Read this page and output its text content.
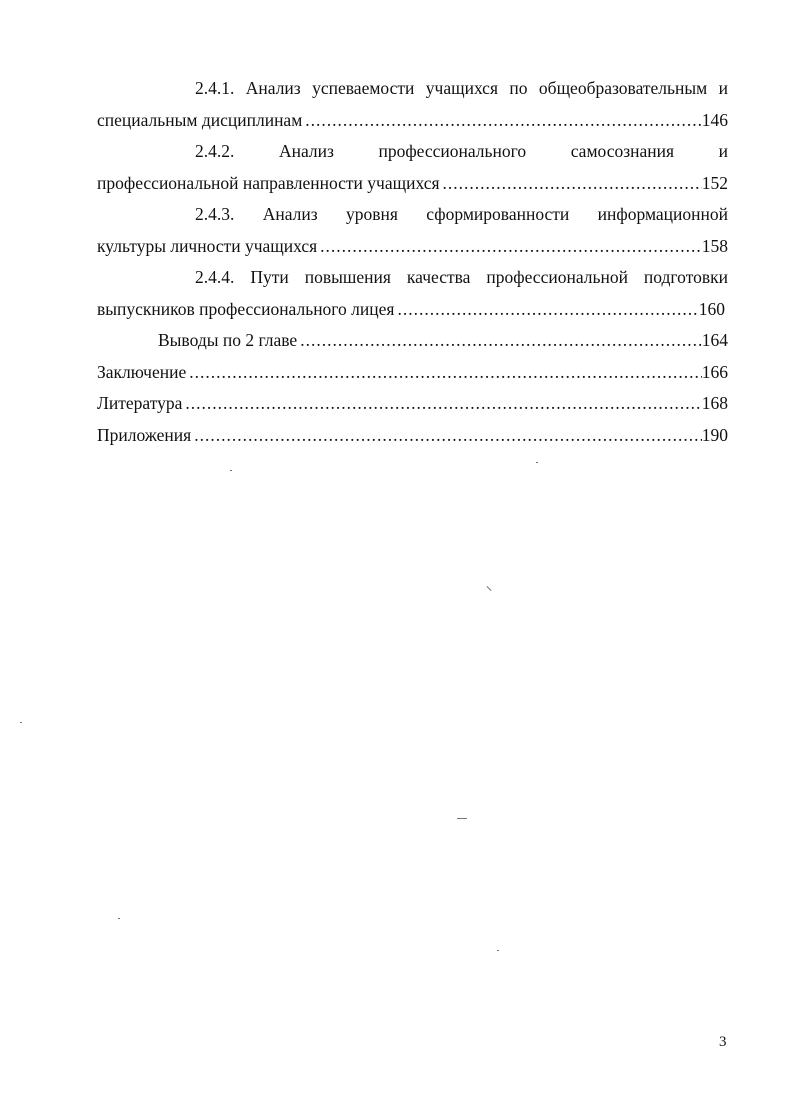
2.4.1. Анализ успеваемости учащихся по общеобразовательным и
специальным дисциплинам .....	146
2.4.2. Анализ профессионального самосознания и
профессиональной направленности учащихся .....	152
2.4.3. Анализ уровня сформированности информационной
культуры личности учащихся .....	158
2.4.4. Пути повышения качества профессиональной подготовки
выпускников профессионального лицея .....	160
Выводы по 2 главе .....	164
Заключение .....	166
Литература .....	168
Приложения .....	190
3
